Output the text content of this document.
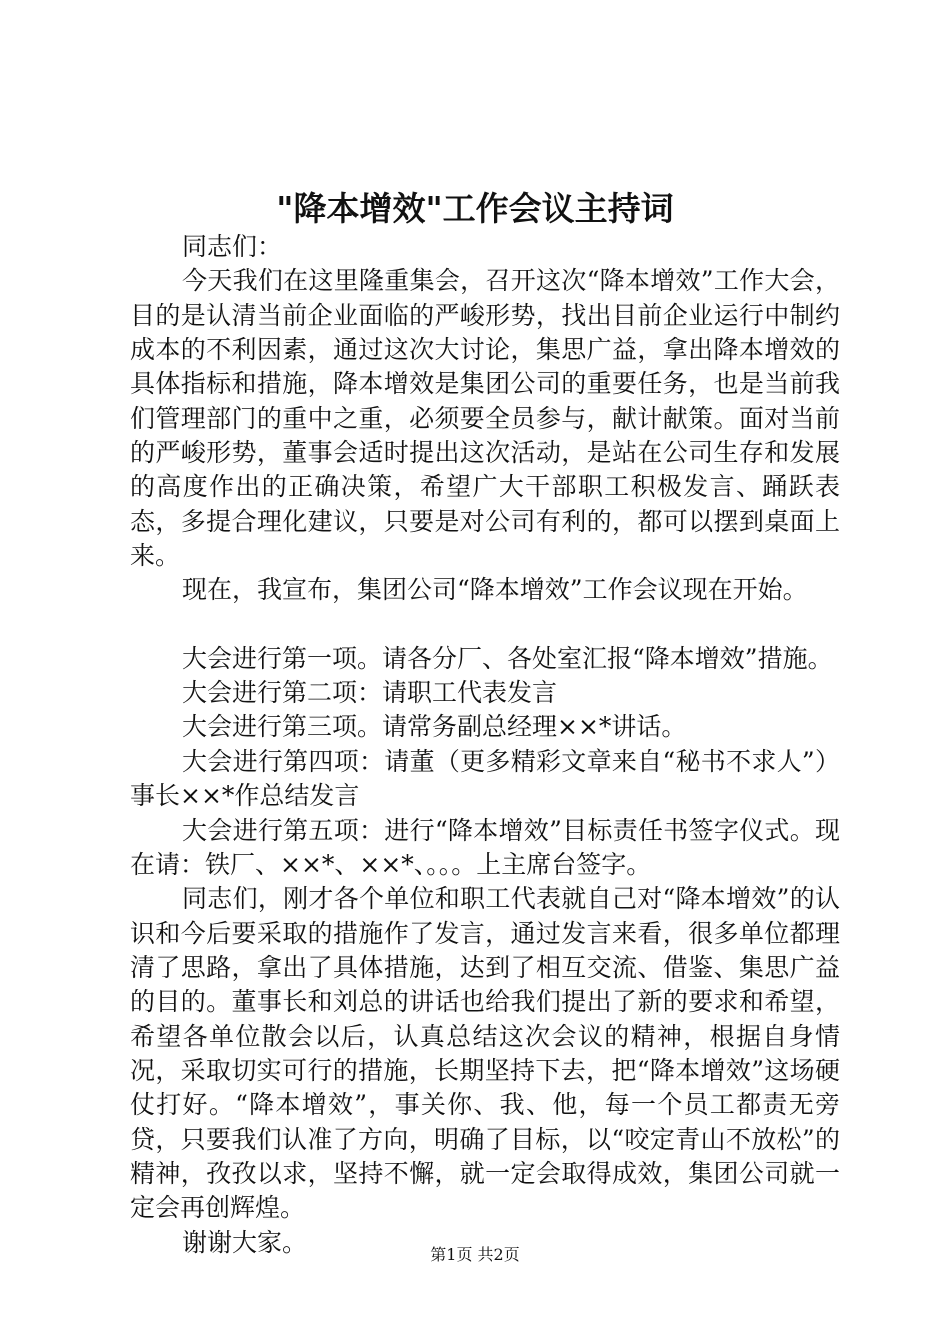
"降本增效"工作会议主持词

同志们：

今天我们在这里隆重集会，召开这次“降本增效”工作大会，目的是认清当前企业面临的严峻形势，找出目前企业运行中制约成本的不利因素，通过这次大讨论，集思广益，拿出降本增效的具体指标和措施，降本增效是集团公司的重要任务，也是当前我们管理部门的重中之重，必须要全员参与，献计献策。面对当前的严峻形势，董事会适时提出这次活动，是站在公司生存和发展的高度作出的正确决策，希望广大干部职工积极发言、踊跃表态，多提合理化建议，只要是对公司有利的，都可以摆到桌面上来。

现在，我宣布，集团公司“降本增效”工作会议现在开始。

大会进行第一项。请各分厂、各处室汇报“降本增效”措施。

大会进行第二项：请职工代表发言

大会进行第三项。请常务副总经理××*讲话。

大会进行第四项：请董（更多精彩文章来自“秘书不求人”）事长××*作总结发言

大会进行第五项：进行“降本增效”目标责任书签字仪式。现在请：铁厂、××*、××*、。。。上主席台签字。

同志们，刚才各个单位和职工代表就自己对“降本增效”的认识和今后要采取的措施作了发言，通过发言来看，很多单位都理清了思路，拿出了具体措施，达到了相互交流、借鉴、集思广益的目的。董事长和刘总的讲话也给我们提出了新的要求和希望，希望各单位散会以后，认真总结这次会议的精神，根据自身情况，采取切实可行的措施，长期坚持下去，把“降本增效”这场硬仗打好。“降本增效”，事关你、我、他，每一个员工都责无旁贷，只要我们认准了方向，明确了目标，以“咬定青山不放松”的精神，孜孜以求，坚持不懈，就一定会取得成效，集团公司就一定会再创辉煌。

谢谢大家。	第1页 共2页
